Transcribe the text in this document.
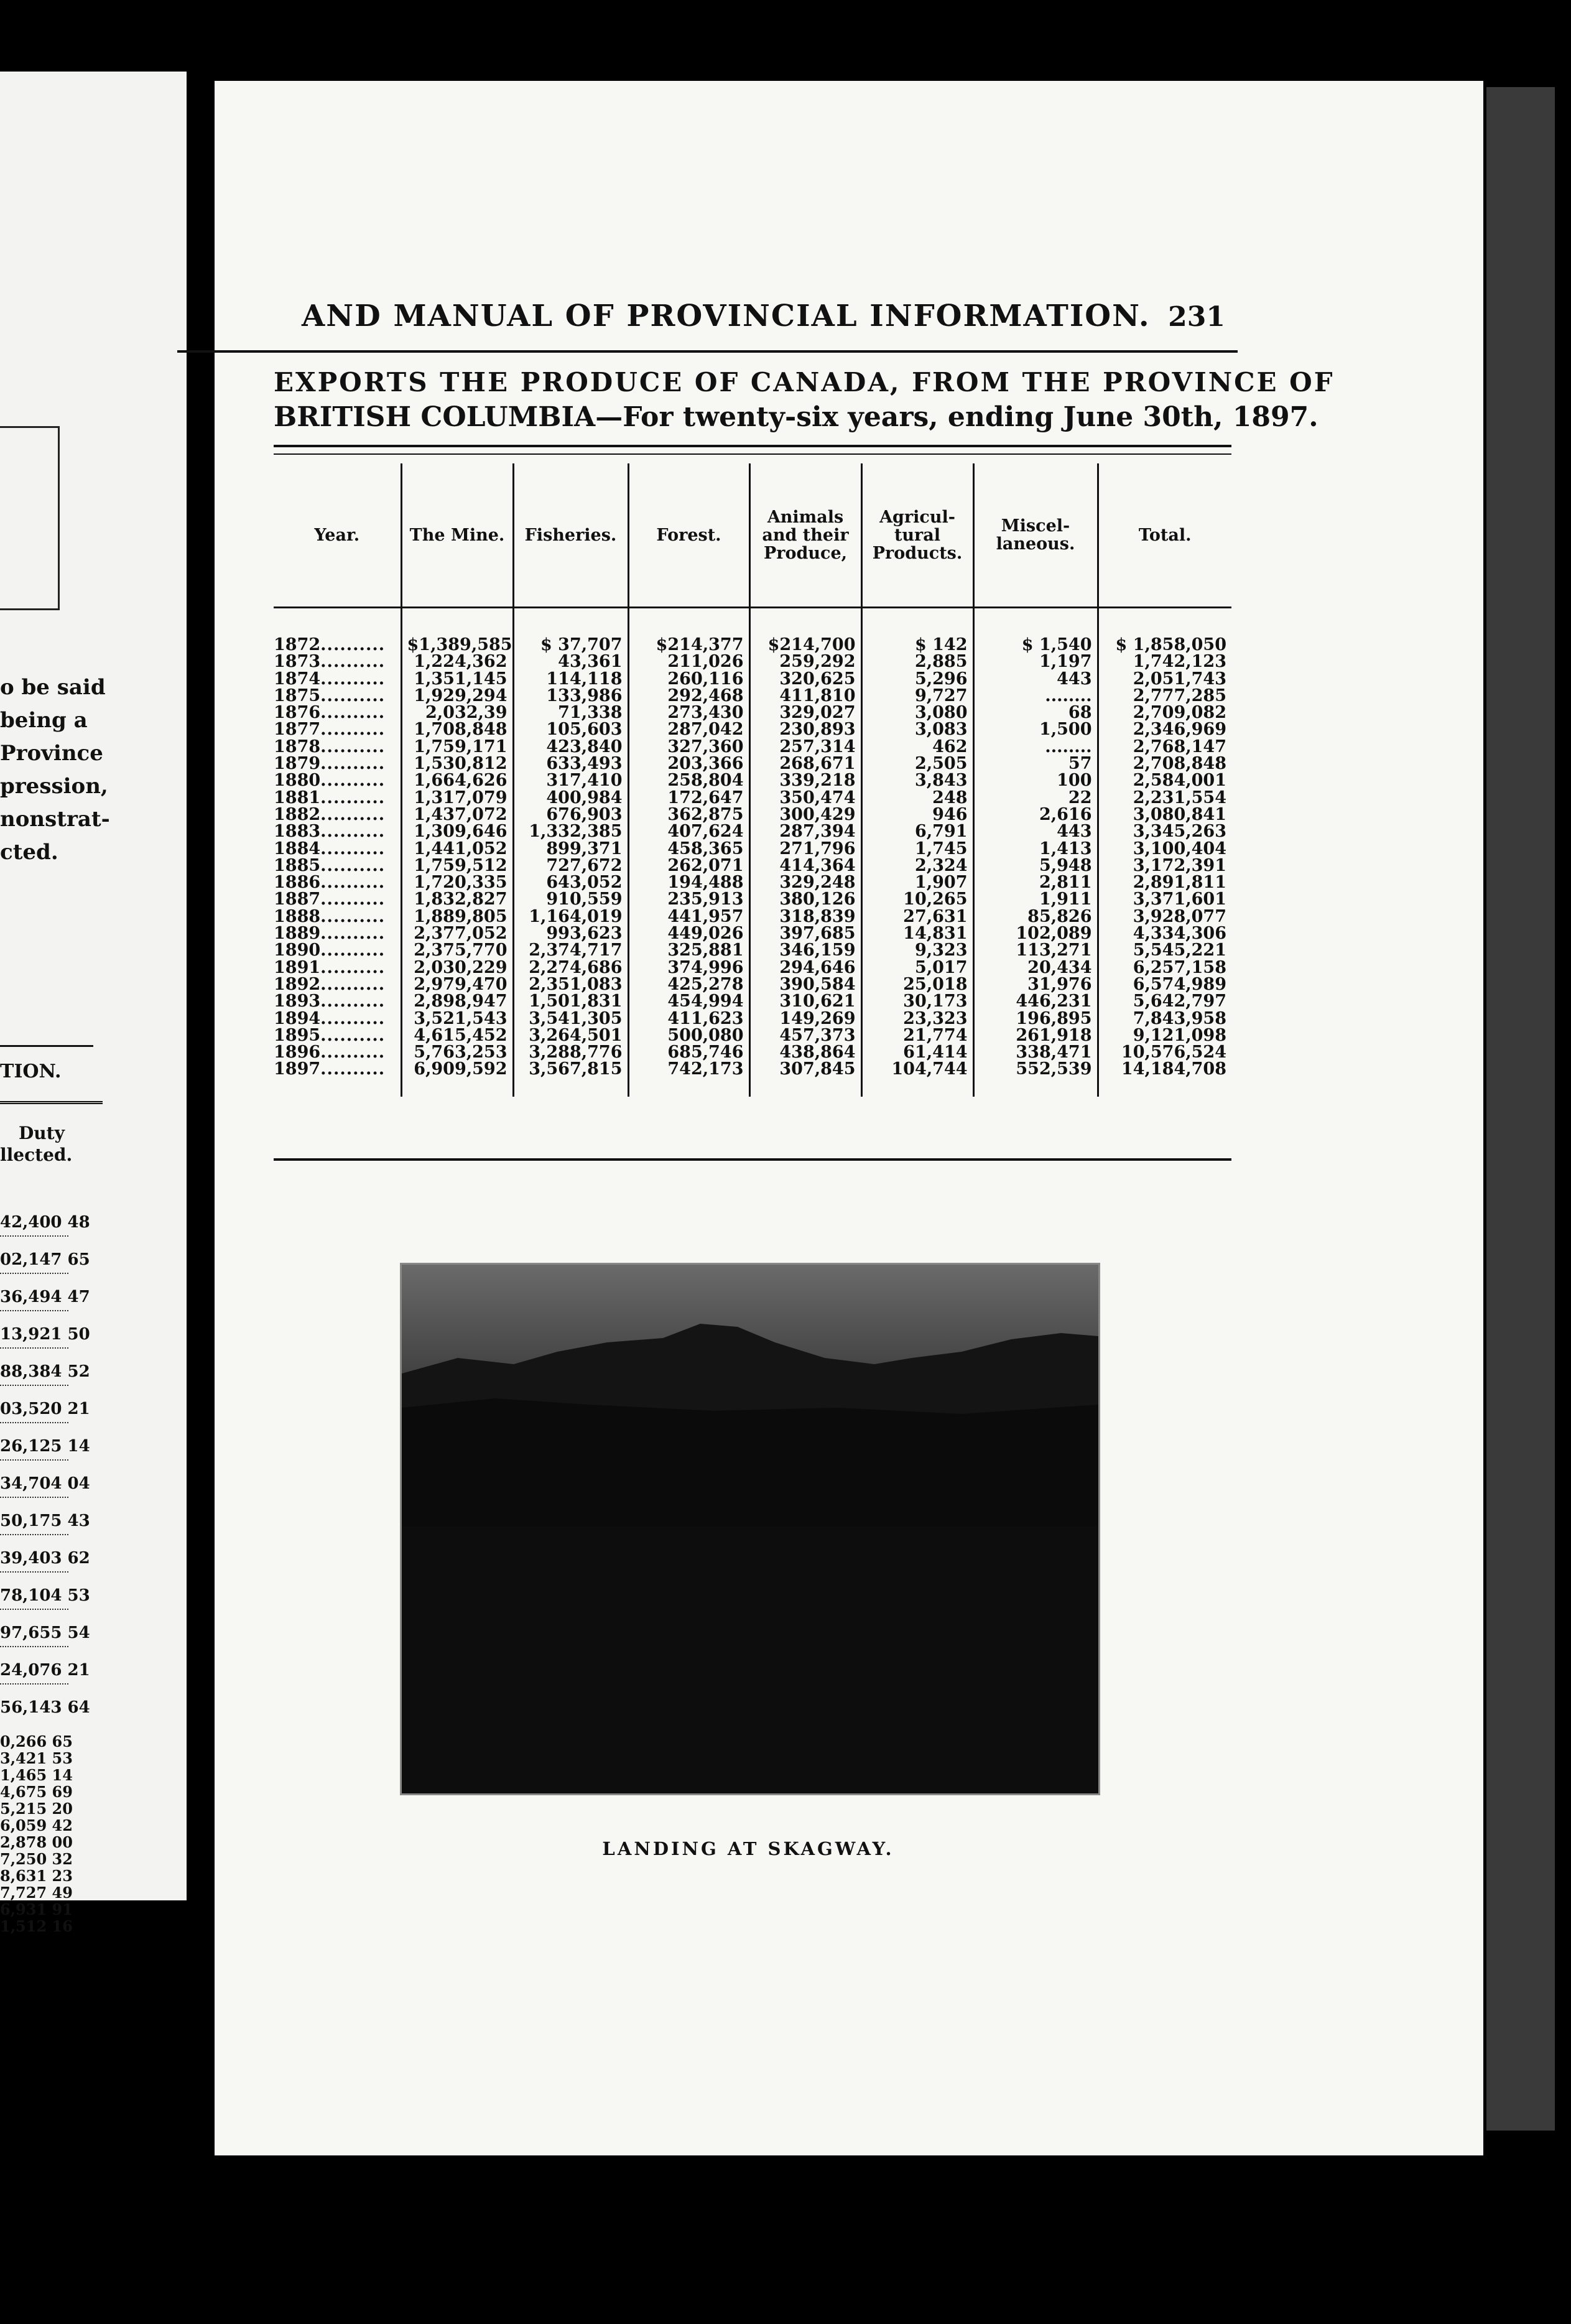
o be said
being a
Province
pression,
nonstrat-
cted.
TION.
Duty
llected.
42,400 48
02,147 65
36,494 47
13,921 50
88,384 52
03,520 21
26,125 14
34,704 04
50,175 43
39,403 62
78,104 53
97,655 54
24,076 21
56,143 64
0,266 65
3,421 53
1,465 14
4,675 69
5,215 20
6,059 42
2,878 00
7,250 32
8,631 23
7,727 49
6,931 91
1,512 16
AND MANUAL OF PROVINCIAL INFORMATION. 231
EXPORTS THE PRODUCE OF CANADA, FROM THE PROVINCE OF
BRITISH COLUMBIA—For twenty-six years, ending June 30th, 1897.
Year.	The Mine.	Fisheries.	Forest.	Animals and their Produce,	Agricul-tural Products.	Miscel-laneous.	Total.
1872..........	$1,389,585	$ 37,707	$214,377	$214,700	$ 142	$ 1,540	$ 1,858,050
1873..........	1,224,362	43,361	211,026	259,292	2,885	1,197	1,742,123
1874..........	1,351,145	114,118	260,116	320,625	5,296	443	2,051,743
1875..........	1,929,294	133,986	292,468	411,810	9,727	........	2,777,285
1876..........	2,032,39	71,338	273,430	329,027	3,080	68	2,709,082
1877..........	1,708,848	105,603	287,042	230,893	3,083	1,500	2,346,969
1878..........	1,759,171	423,840	327,360	257,314	462	........	2,768,147
1879..........	1,530,812	633,493	203,366	268,671	2,505	57	2,708,848
1880..........	1,664,626	317,410	258,804	339,218	3,843	100	2,584,001
1881..........	1,317,079	400,984	172,647	350,474	248	22	2,231,554
1882..........	1,437,072	676,903	362,875	300,429	946	2,616	3,080,841
1883..........	1,309,646	1,332,385	407,624	287,394	6,791	443	3,345,263
1884..........	1,441,052	899,371	458,365	271,796	1,745	1,413	3,100,404
1885..........	1,759,512	727,672	262,071	414,364	2,324	5,948	3,172,391
1886..........	1,720,335	643,052	194,488	329,248	1,907	2,811	2,891,811
1887..........	1,832,827	910,559	235,913	380,126	10,265	1,911	3,371,601
1888..........	1,889,805	1,164,019	441,957	318,839	27,631	85,826	3,928,077
1889..........	2,377,052	993,623	449,026	397,685	14,831	102,089	4,334,306
1890..........	2,375,770	2,374,717	325,881	346,159	9,323	113,271	5,545,221
1891..........	2,030,229	2,274,686	374,996	294,646	5,017	20,434	6,257,158
1892..........	2,979,470	2,351,083	425,278	390,584	25,018	31,976	6,574,989
1893..........	2,898,947	1,501,831	454,994	310,621	30,173	446,231	5,642,797
1894..........	3,521,543	3,541,305	411,623	149,269	23,323	196,895	7,843,958
1895..........	4,615,452	3,264,501	500,080	457,373	21,774	261,918	9,121,098
1896..........	5,763,253	3,288,776	685,746	438,864	61,414	338,471	10,576,524
1897..........	6,909,592	3,567,815	742,173	307,845	104,744	552,539	14,184,708
LANDING AT SKAGWAY.
